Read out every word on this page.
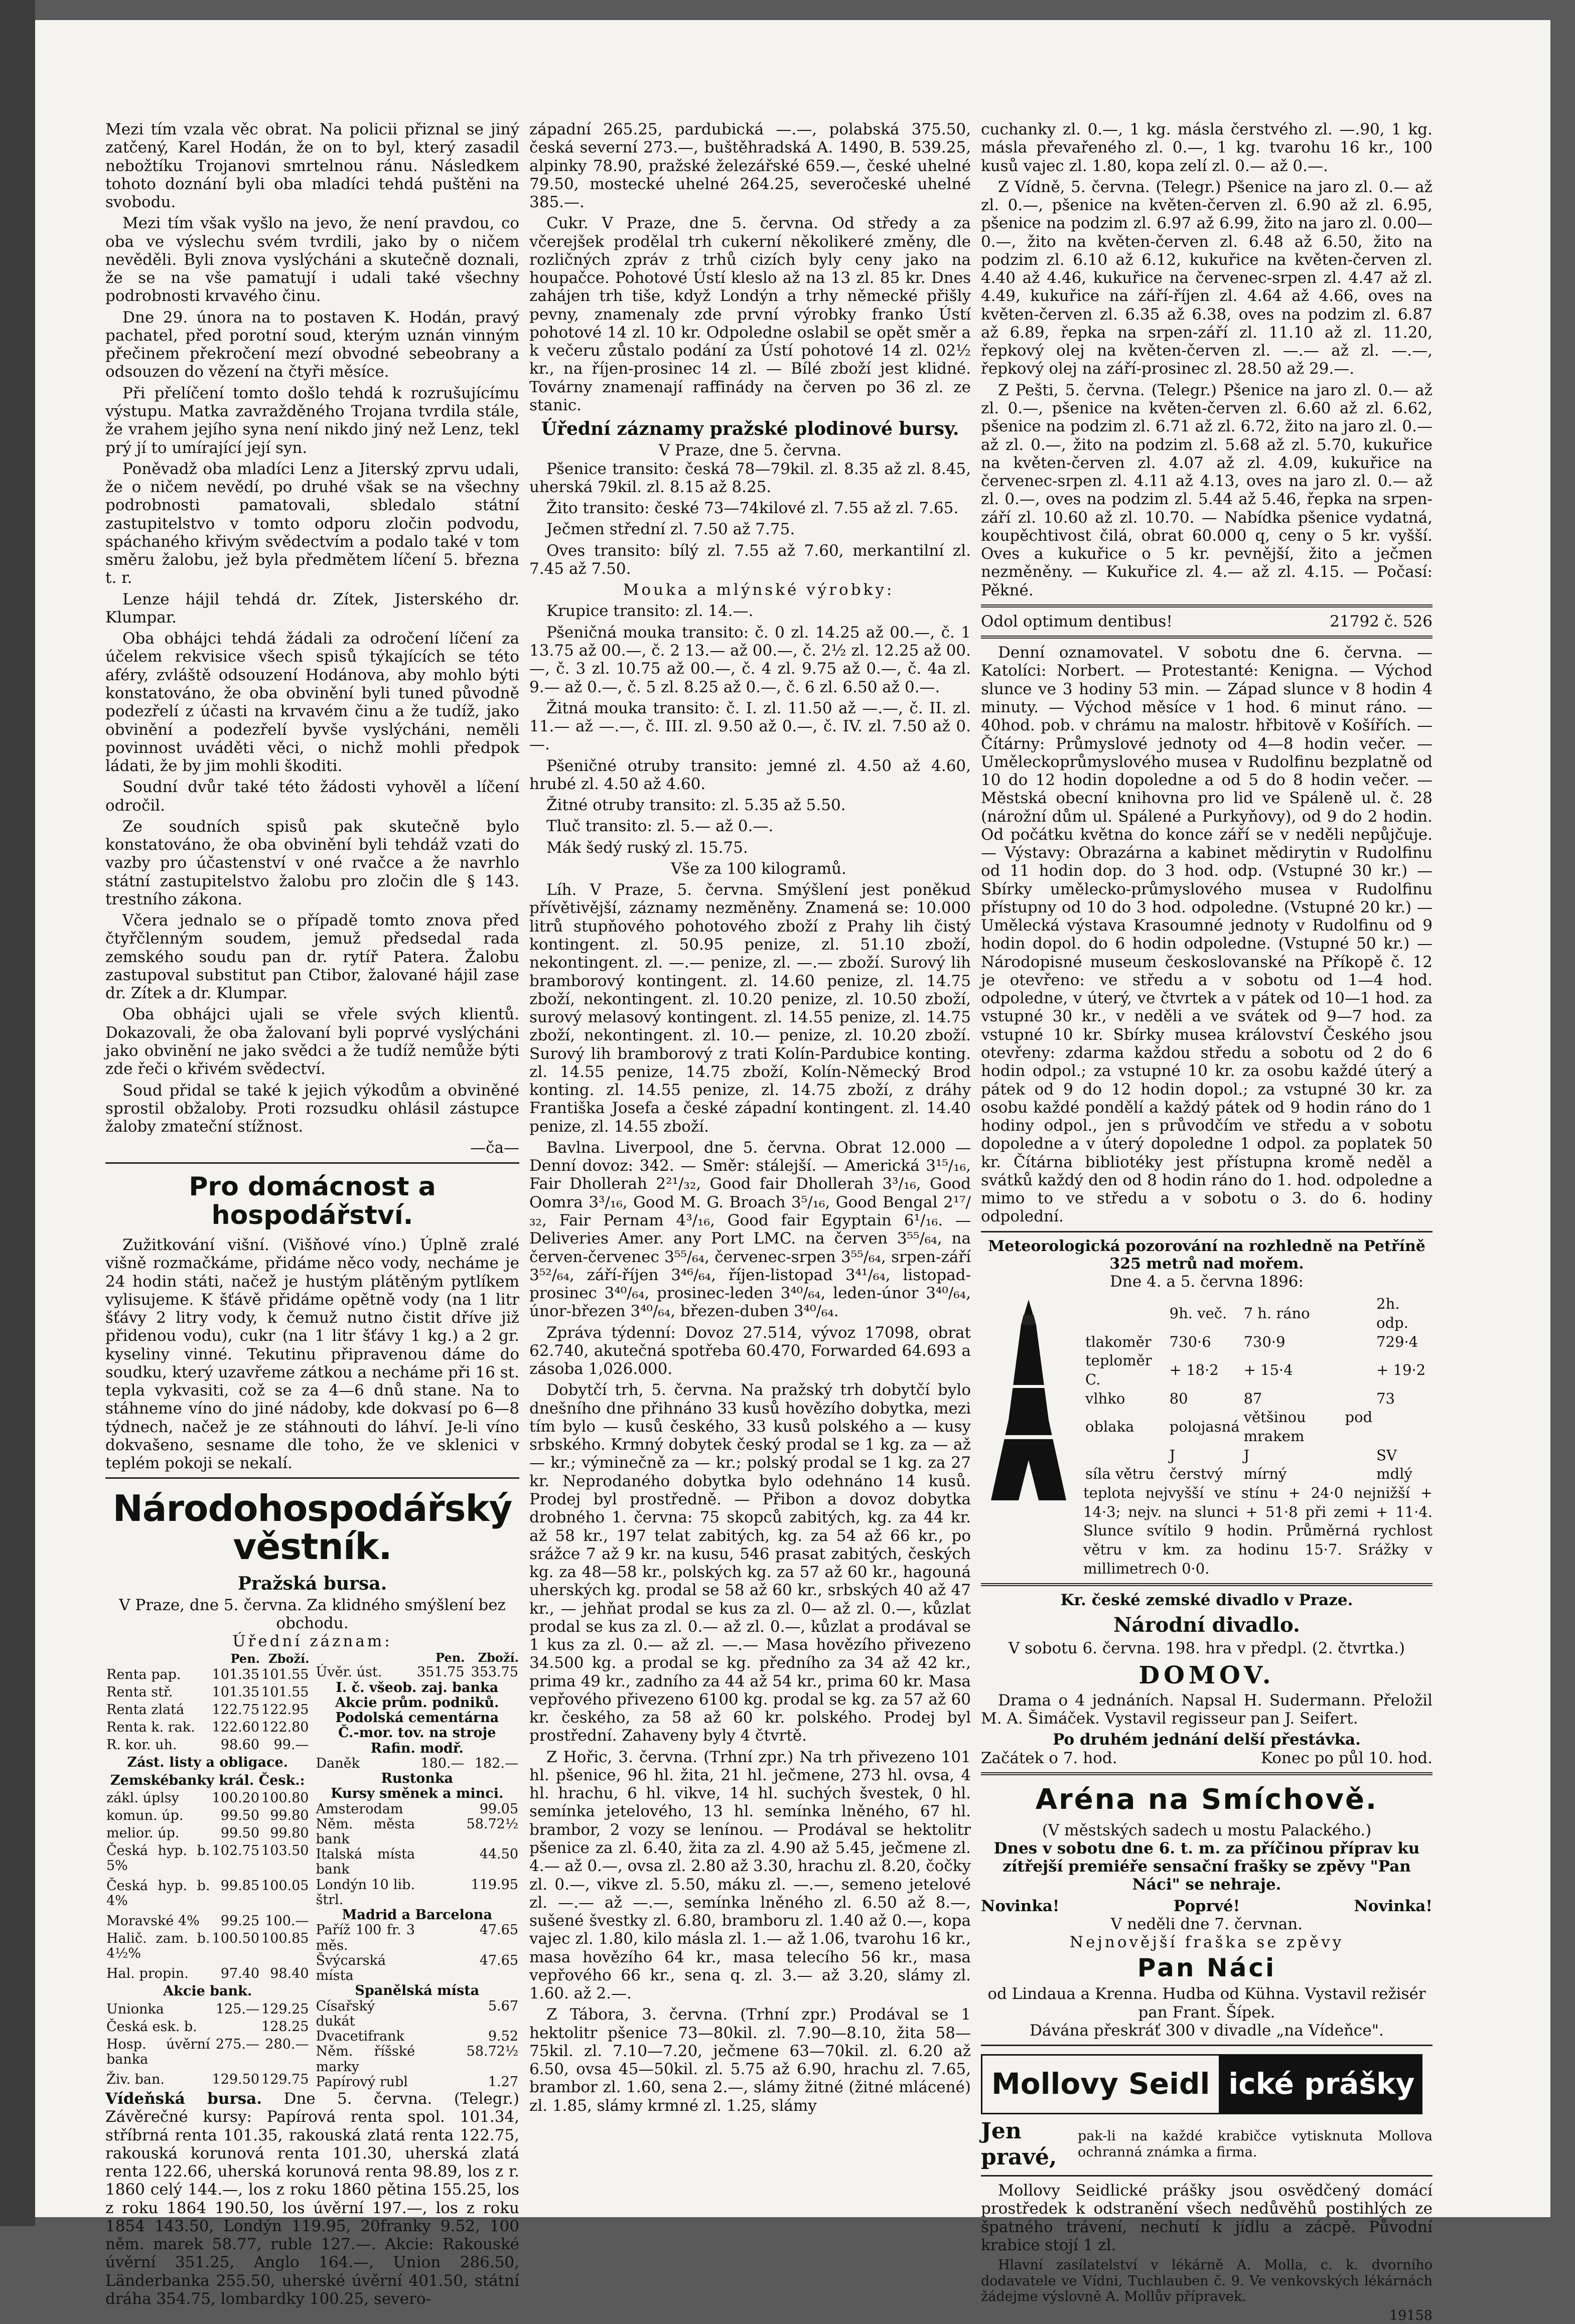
Mezi tím vzala věc obrat. Na policii přiznal se jiný zatčený, Karel Hodán, že on to byl, který zasadil nebožtíku Trojanovi smrtelnou ránu. Následkem tohoto doznání byli oba mladíci tehdá puštěni na svobodu.

Mezi tím však vyšlo na jevo, že není pravdou, co oba ve výslechu svém tvrdili, jako by o ničem nevěděli. Byli znova vyslýcháni a skutečně doznali, že se na vše pamatují i udali také všechny podrobnosti krvavého činu.

Dne 29. února na to postaven K. Hodán, pravý pachatel, před porotní soud, kterým uznán vinným přečinem překročení mezí obvodné sebeobrany a odsouzen do vězení na čtyři měsíce.

Při přelíčení tomto došlo tehdá k rozrušujícímu výstupu. Matka zavražděného Trojana tvrdila stále, že vrahem jejího syna není nikdo jiný než Lenz, tekl prý jí to umírající její syn.

Poněvadž oba mladíci Lenz a Jiterský zprvu udali, že o ničem nevědí, po druhé však se na všechny podrobnosti pamatovali, sbledalo státní zastupitelstvo v tomto odporu zločin podvodu, spáchaného křivým svědectvím a podalo také v tom směru žalobu, jež byla předmětem líčení 5. března t. r.

Lenze hájil tehdá dr. Zítek, Jisterského dr. Klumpar.

Oba obhájci tehdá žádali za odročení líčení za účelem rekvisice všech spisů týkajících se této aféry, zvláště odsouzení Hodánova, aby mohlo býti konstatováno, že oba obvinění byli tuned původně podezřelí z účasti na krvavém činu a že tudíž, jako obvinění a podezřelí byvše vyslýcháni, neměli povinnost uváděti věci, o nichž mohli předpok ládati, že by jim mohli škoditi.

Soudní dvůr také této žádosti vyhověl a líčení odročil.

Ze soudních spisů pak skutečně bylo konstatováno, že oba obvinění byli tehdáž vzati do vazby pro účastenství v oné rvačce a že navrhlo státní zastupitelstvo žalobu pro zločin dle § 143. trestního zákona.

Včera jednalo se o případě tomto znova před čtyřčlenným soudem, jemuž předsedal rada zemského soudu pan dr. rytíř Patera. Žalobu zastupoval substitut pan Ctibor, žalované hájil zase dr. Zítek a dr. Klumpar.

Oba obhájci ujali se vřele svých klientů. Dokazovali, že oba žalovaní byli poprvé vyslýcháni jako obvinění ne jako svědci a že tudíž nemůže býti zde řeči o křivém svědectví.

Soud přidal se také k jejich výkodům a obviněné sprostil obžaloby. Proti rozsudku ohlásil zástupce žaloby zmateční stížnost.

—ča—
Pro domácnost a hospodářství.

Zužitkování višní. (Višňové víno.) Úplně zralé višně rozmačkáme, přidáme něco vody, necháme je 24 hodin státi, načež je hustým plátěným pytlíkem vylisujeme. K šťávě přidáme opětně vody (na 1 litr šťávy 2 litry vody, k čemuž nutno čistit dříve již přidenou vodu), cukr (na 1 litr šťávy 1 kg.) a 2 gr. kyseliny vinné. Tekutinu připravenou dáme do soudku, který uzavřeme zátkou a necháme při 16 st. tepla vykvasiti, což se za 4—6 dnů stane. Na to stáhneme víno do jiné nádoby, kde dokvasí po 6—8 týdnech, načež je ze stáhnouti do láhví. Je-li víno dokvašeno, sesname dle toho, že ve sklenici v teplém pokoji se nekalí.

Národohospodářský věstník.
Pražská bursa.
V Praze, dne 5. června. Za klidného smýšlení bez obchodu.
Úřední záznam:
	Pen.	Zboží.
Renta pap.	101.35	101.55
Renta stř.	101.35	101.55
Renta zlatá	122.75	122.95
Renta k. rak.	122.60	122.80
R. kor. uh.	98.60	99.—
Zást. listy a obligace.		
Zemskébanky král. Česk.:		
zákl. úplsy	100.20	100.80
komun. úp.	99.50	99.80
melior. úp.	99.50	99.80
Česká hyp. b. 5%	102.75	103.50
Česká hyp. b. 4%	99.85	100.05
Moravské 4%	99.25	100.—
Halič. zam. b. 4½%	100.50	100.85
Hal. propin.	97.40	98.40
Akcie bank.		
Unionka	125.—	129.25
Česká esk. b.		128.25
Hosp. úvěrní banka	275.—	280.—
Živ. ban.	129.50	129.75
	Pen.	Zboží.
Úvěr. úst.	351.75	353.75
I. č. všeob. zaj. banka		
Akcie prům. podniků.		
Podolská cementárna		
Č.-mor. tov. na stroje		
Rafin. modř.		
Daněk	180.—	182.—
Rustonka		
Kursy směnek a minci.		
Amsterodam		99.05
Něm. města bank		58.72½
Italská místa bank		44.50
Londýn 10 lib. štrl.		119.95
Madrid a Barcelona		
Paříž 100 fr. 3 měs.		47.65
Švýcarská místa		47.65
Spanělská místa		
Císařský dukát		5.67
Dvacetifrank		9.52
Něm. říšské marky		58.72½
Papírový rubl		1.27

Vídeňská bursa. Dne 5. června. (Telegr.) Závěrečné kursy: Papírová renta spol. 101.34, stříbrná renta 101.35, rakouská zlatá renta 122.75, rakouská korunová renta 101.30, uherská zlatá renta 122.66, uherská korunová renta 98.89, los z r. 1860 celý 144.—, los z roku 1860 pětina 155.25, los z roku 1864 190.50, los úvěrní 197.—, los z roku 1854 143.50, Londýn 119.95, 20franky 9.52, 100 něm. marek 58.77, ruble 127.—. Akcie: Rakouské úvěrní 351.25, Anglo 164.—, Union 286.50, Länderbanka 255.50, uherské úvěrní 401.50, státní dráha 354.75, lombardky 100.25, severo-

západní 265.25, pardubická —.—, polabská 375.50, česká severní 273.—, buštěhradská A. 1490, B. 539.25, alpinky 78.90, pražské železářské 659.—, české uhelné 79.50, mostecké uhelné 264.25, severočeské uhelné 385.—.

Cukr. V Praze, dne 5. června. Od středy a za včerejšek prodělal trh cukerní několikeré změny, dle rozličných zpráv z trhů cizích byly ceny jako na houpačce. Pohotové Ústí kleslo až na 13 zl. 85 kr. Dnes zahájen trh tiše, když Londýn a trhy německé přišly pevny, znamenaly zde první výrobky franko Ústí pohotové 14 zl. 10 kr. Odpoledne oslabil se opět směr a k večeru zůstalo podání za Ústí pohotové 14 zl. 02½ kr., na říjen-prosinec 14 zl. — Bílé zboží jest klidné. Továrny znamenají raffinády na červen po 36 zl. ze stanic.

Úřední záznamy pražské plodinové bursy.
V Praze, dne 5. června.

Pšenice transito: česká 78—79kil. zl. 8.35 až zl. 8.45, uherská 79kil. zl. 8.15 až 8.25.

Žito transito: české 73—74kilové zl. 7.55 až zl. 7.65.

Ječmen střední zl. 7.50 až 7.75.

Oves transito: bílý zl. 7.55 až 7.60, merkantilní zl. 7.45 až 7.50.

Mouka a mlýnské výrobky:

Krupice transito: zl. 14.—.

Pšeničná mouka transito: č. 0 zl. 14.25 až 00.—, č. 1 13.75 až 00.—, č. 2 13.— až 00.—, č. 2½ zl. 12.25 až 00.—, č. 3 zl. 10.75 až 00.—, č. 4 zl. 9.75 až 0.—, č. 4a zl. 9.— až 0.—, č. 5 zl. 8.25 až 0.—, č. 6 zl. 6.50 až 0.—.

Žitná mouka transito: č. I. zl. 11.50 až —.—, č. II. zl. 11.— až —.—, č. III. zl. 9.50 až 0.—, č. IV. zl. 7.50 až 0.—.

Pšeničné otruby transito: jemné zl. 4.50 až 4.60, hrubé zl. 4.50 až 4.60.

Žitné otruby transito: zl. 5.35 až 5.50.

Tluč transito: zl. 5.— až 0.—.

Mák šedý ruský zl. 15.75.

Vše za 100 kilogramů.

Líh. V Praze, 5. června. Smýšlení jest poněkud přívětivější, záznamy nezměněny. Znamená se: 10.000 litrů stupňového pohotového zboží z Prahy lih čistý kontingent. zl. 50.95 penize, zl. 51.10 zboží, nekontingent. zl. —.— penize, zl. —.— zboží. Surový lih bramborový kontingent. zl. 14.60 penize, zl. 14.75 zboží, nekontingent. zl. 10.20 penize, zl. 10.50 zboží, surový melasový kontingent. zl. 14.55 penize, zl. 14.75 zboží, nekontingent. zl. 10.— penize, zl. 10.20 zboží. Surový lih bramborový z trati Kolín-Pardubice konting. zl. 14.55 penize, 14.75 zboží, Kolín-Německý Brod konting. zl. 14.55 penize, zl. 14.75 zboží, z dráhy Františka Josefa a české západní kontingent. zl. 14.40 penize, zl. 14.55 zboží.

Bavlna. Liverpool, dne 5. června. Obrat 12.000 — Denní dovoz: 342. — Směr: stálejší. — Americká 3¹⁵/₁₆, Fair Dhollerah 2²¹/₃₂, Good fair Dhollerah 3³/₁₆, Good Oomra 3³/₁₆, Good M. G. Broach 3⁵/₁₆, Good Bengal 2¹⁷/₃₂, Fair Pernam 4³/₁₆, Good fair Egyptain 6¹/₁₆. — Deliveries Amer. any Port LMC. na červen 3⁵⁵/₆₄, na červen-červenec 3⁵⁵/₆₄, červenec-srpen 3⁵⁵/₆₄, srpen-září 3⁵²/₆₄, září-říjen 3⁴⁶/₆₄, říjen-listopad 3⁴¹/₆₄, listopad-prosinec 3⁴⁰/₆₄, prosinec-leden 3⁴⁰/₆₄, leden-únor 3⁴⁰/₆₄, únor-březen 3⁴⁰/₆₄, březen-duben 3⁴⁰/₆₄.

Zpráva týdenní: Dovoz 27.514, vývoz 17098, obrat 62.740, akutečná spotřeba 60.470, Forwarded 64.693 a zásoba 1,026.000.

Dobytčí trh, 5. června. Na pražský trh dobytčí bylo dnešního dne přihnáno 33 kusů hovězího dobytka, mezi tím bylo — kusů českého, 33 kusů polského a — kusy srbského. Krmný dobytek český prodal se 1 kg. za — až — kr.; výminečně za — kr.; polský prodal se 1 kg. za 27 kr. Neprodaného dobytka bylo odehnáno 14 kusů. Prodej byl prostředně. — Přibon a dovoz dobytka drobného 1. června: 75 skopců zabitých, kg. za 44 kr. až 58 kr., 197 telat zabitých, kg. za 54 až 66 kr., po srážce 7 až 9 kr. na kusu, 546 prasat zabitých, českých kg. za 48—58 kr., polských kg. za 57 až 60 kr., hagouná uherských kg. prodal se 58 až 60 kr., srbských 40 až 47 kr., — jehňat prodal se kus za zl. 0— až zl. 0.—, kůzlat prodal se kus za zl. 0.— až zl. 0.—, kůzlat a prodával se 1 kus za zl. 0.— až zl. —.— Masa hovězího přivezeno 34.500 kg. a prodal se kg. předního za 34 až 42 kr., prima 49 kr., zadního za 44 až 54 kr., prima 60 kr. Masa vepřového přivezeno 6100 kg. prodal se kg. za 57 až 60 kr. českého, za 58 až 60 kr. polského. Prodej byl prostřední. Zahaveny byly 4 čtvrtě.

Z Hořic, 3. června. (Trhní zpr.) Na trh přivezeno 101 hl. pšenice, 96 hl. žita, 21 hl. ječmene, 273 hl. ovsa, 4 hl. hrachu, 6 hl. vikve, 14 hl. suchých švestek, 0 hl. semínka jetelového, 13 hl. semínka lněného, 67 hl. brambor, 2 vozy se lenínou. — Prodával se hektolitr pšenice za zl. 6.40, žita za zl. 4.90 až 5.45, ječmene zl. 4.— až 0.—, ovsa zl. 2.80 až 3.30, hrachu zl. 8.20, čočky zl. 0.—, vikve zl. 5.50, máku zl. —.—, semeno jetelové zl. —.— až —.—, semínka lněného zl. 6.50 až 8.—, sušené švestky zl. 6.80, bramboru zl. 1.40 až 0.—, kopa vajec zl. 1.80, kilo másla zl. 1.— až 1.06, tvarohu 16 kr., masa hovězího 64 kr., masa telecího 56 kr., masa vepřového 66 kr., sena q. zl. 3.— až 3.20, slámy zl. 1.60. až 2.—.

Z Tábora, 3. června. (Trhní zpr.) Prodával se 1 hektolitr pšenice 73—80kil. zl. 7.90—8.10, žita 58—75kil. zl. 7.10—7.20, ječmene 63—70kil. zl. 6.20 až 6.50, ovsa 45—50kil. zl. 5.75 až 6.90, hrachu zl. 7.65, brambor zl. 1.60, sena 2.—, slámy žitné (žitné mlácené) zl. 1.85, slámy krmné zl. 1.25, slámy

cuchanky zl. 0.—, 1 kg. másla čerstvého zl. —.90, 1 kg. másla převařeného zl. 0.—, 1 kg. tvarohu 16 kr., 100 kusů vajec zl. 1.80, kopa zelí zl. 0.— až 0.—.

Z Vídně, 5. června. (Telegr.) Pšenice na jaro zl. 0.— až zl. 0.—, pšenice na květen-červen zl. 6.90 až zl. 6.95, pšenice na podzim zl. 6.97 až 6.99, žito na jaro zl. 0.00—0.—, žito na květen-červen zl. 6.48 až 6.50, žito na podzim zl. 6.10 až 6.12, kukuřice na květen-červen zl. 4.40 až 4.46, kukuřice na červenec-srpen zl. 4.47 až zl. 4.49, kukuřice na září-říjen zl. 4.64 až 4.66, oves na květen-červen zl. 6.35 až 6.38, oves na podzim zl. 6.87 až 6.89, řepka na srpen-září zl. 11.10 až zl. 11.20, řepkový olej na květen-červen zl. —.— až zl. —.—, řepkový olej na září-prosinec zl. 28.50 až 29.—.

Z Pešti, 5. června. (Telegr.) Pšenice na jaro zl. 0.— až zl. 0.—, pšenice na květen-červen zl. 6.60 až zl. 6.62, pšenice na podzim zl. 6.71 až zl. 6.72, žito na jaro zl. 0.— až zl. 0.—, žito na podzim zl. 5.68 až zl. 5.70, kukuřice na květen-červen zl. 4.07 až zl. 4.09, kukuřice na červenec-srpen zl. 4.11 až 4.13, oves na jaro zl. 0.— až zl. 0.—, oves na podzim zl. 5.44 až 5.46, řepka na srpen-září zl. 10.60 až zl. 10.70. — Nabídka pšenice vydatná, koupěchtivost čilá, obrat 60.000 q, ceny o 5 kr. vyšší. Oves a kukuřice o 5 kr. pevnější, žito a ječmen nezměněny. — Kukuřice zl. 4.— až zl. 4.15. — Počasí: Pěkné.

Odol optimum dentibus!	21792 č. 526

Denní oznamovatel. V sobotu dne 6. června. — Katolíci: Norbert. — Protestanté: Kenigna. — Východ slunce ve 3 hodiny 53 min. — Západ slunce v 8 hodin 4 minuty. — Východ měsíce v 1 hod. 6 minut ráno. — 40hod. pob. v chrámu na malostr. hřbitově v Košířích. — Čítárny: Průmyslové jednoty od 4—8 hodin večer. — Uměleckoprůmyslového musea v Rudolfinu bezplatně od 10 do 12 hodin dopoledne a od 5 do 8 hodin večer. — Městská obecní knihovna pro lid ve Spáleně ul. č. 28 (nárožní dům ul. Spálené a Purkyňovy), od 9 do 2 hodin. Od počátku května do konce září se v neděli nepůjčuje. — Výstavy: Obrazárna a kabinet mědirytin v Rudolfinu od 11 hodin dop. do 3 hod. odp. (Vstupné 30 kr.) — Sbírky umělecko-průmyslového musea v Rudolfinu přístupny od 10 do 3 hod. odpoledne. (Vstupné 20 kr.) — Umělecká výstava Krasoumné jednoty v Rudolfinu od 9 hodin dopol. do 6 hodin odpoledne. (Vstupné 50 kr.) — Národopisné museum českoslovanské na Příkopě č. 12 je otevřeno: ve středu a v sobotu od 1—4 hod. odpoledne, v úterý, ve čtvrtek a v pátek od 10—1 hod. za vstupné 30 kr., v neděli a ve svátek od 9—7 hod. za vstupné 10 kr. Sbírky musea království Českého jsou otevřeny: zdarma každou středu a sobotu od 2 do 6 hodin odpol.; za vstupné 10 kr. za osobu každé úterý a pátek od 9 do 12 hodin dopol.; za vstupné 30 kr. za osobu každé pondělí a každý pátek od 9 hodin ráno do 1 hodiny odpol., jen s průvodčím ve středu a v sobotu dopoledne a v úterý dopoledne 1 odpol. za poplatek 50 kr. Čítárna bibliotéky jest přístupna kromě neděl a svátků každý den od 8 hodin ráno do 1. hod. odpoledne a mimo to ve středu a v sobotu o 3. do 6. hodiny odpolední.

Meteorologická pozorování na rozhledně na Petříně
325 metrů nad mořem.
Dne 4. a 5. června 1896:
	9h. več.	7 h. ráno	2h. odp.
tlakoměr	730·6	730·9	729·4
teploměr C.	+ 18·2	+ 15·4	+ 19·2
vlhko	80	87	73
oblaka	polojasná	většinou pod mrakem	
	J	J	SV
síla větru	čerstvý	mírný	mdlý
teplota nejvyšší ve stínu + 24·0 nejnižší + 14·3; nejv. na slunci + 51·8 při zemi + 11·4. Slunce svítilo 9 hodin. Průměrná rychlost větru v km. za hodinu 15·7. Srážky v millimetrech 0·0.
Kr. české zemské divadlo v Praze.
Národní divadlo.
V sobotu 6. června. 198. hra v předpl. (2. čtvrtka.)
DOMOV.

Drama o 4 jednáních. Napsal H. Sudermann. Přeložil M. A. Šimáček. Vystavil regisseur pan J. Seifert.

Po druhém jednání delší přestávka.
Začátek o 7. hod.	Konec po půl 10. hod.
Aréna na Smíchově.
(V městských sadech u mostu Palackého.)

Dnes v sobotu dne 6. t. m. za příčinou příprav ku zítřejší premiéře sensační frašky se zpěvy "Pan Náci" se nehraje.

Novinka!	Poprvé!	Novinka!
V neděli dne 7. červnan.
Nejnovější fraška se zpěvy
Pan Náci
od Lindaua a Krenna. Hudba od Kühna. Vystavil režisér pan Frant. Šípek.
Dávána přeskráť 300 v divadle „na Vídeňce".
Mollovy Seidl ické prášky
Jen pravé,
pak-li na každé krabičce vytisknuta Mollova ochranná známka a firma.

Mollovy Seidlické prášky jsou osvědčený domácí prostředek k odstranění všech nedůvěhů postihlých ze špatného trávení, nechutí k jídlu a zácpě. Původní krabice stojí 1 zl.

Hlavní zasílatelství v lékárně A. Molla, c. k. dvorního dodavatele ve Vídni, Tuchlauben č. 9. Ve venkovských lékárnách žádejme výslovně A. Mollův přípravek.

19158
